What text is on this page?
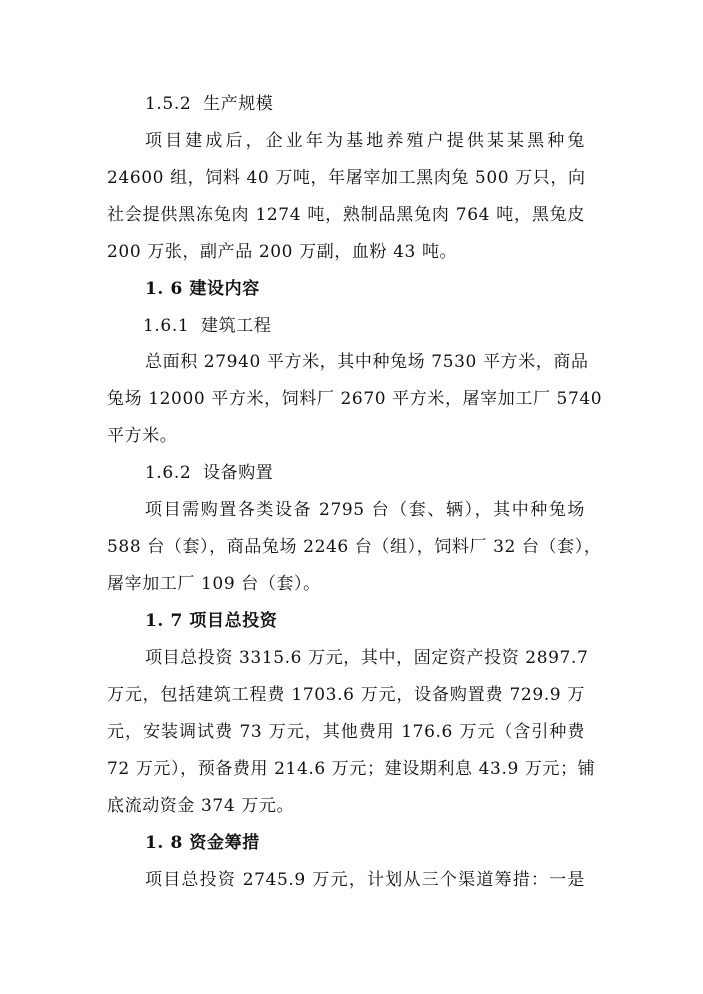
1.5.2 生产规模
项目建成后，企业年为基地养殖户提供某某黑种兔
24600 组，饲料 40 万吨，年屠宰加工黑肉兔 500 万只，向
社会提供黑冻兔肉 1274 吨，熟制品黑兔肉 764 吨，黑兔皮
200 万张，副产品 200 万副，血粉 43 吨。
1. 6 建设内容
1.6.1 建筑工程
总面积 27940 平方米，其中种兔场 7530 平方米，商品
兔场 12000 平方米，饲料厂 2670 平方米，屠宰加工厂 5740
平方米。
1.6.2 设备购置
项目需购置各类设备 2795 台（套、辆），其中种兔场
588 台（套），商品兔场 2246 台（组），饲料厂 32 台（套），
屠宰加工厂 109 台（套）。
1. 7 项目总投资
项目总投资 3315.6 万元，其中，固定资产投资 2897.7
万元，包括建筑工程费 1703.6 万元，设备购置费 729.9 万
元，安装调试费 73 万元，其他费用 176.6 万元（含引种费
72 万元），预备费用 214.6 万元；建设期利息 43.9 万元；铺
底流动资金 374 万元。
1. 8 资金筹措
项目总投资 2745.9 万元，计划从三个渠道筹措：一是
